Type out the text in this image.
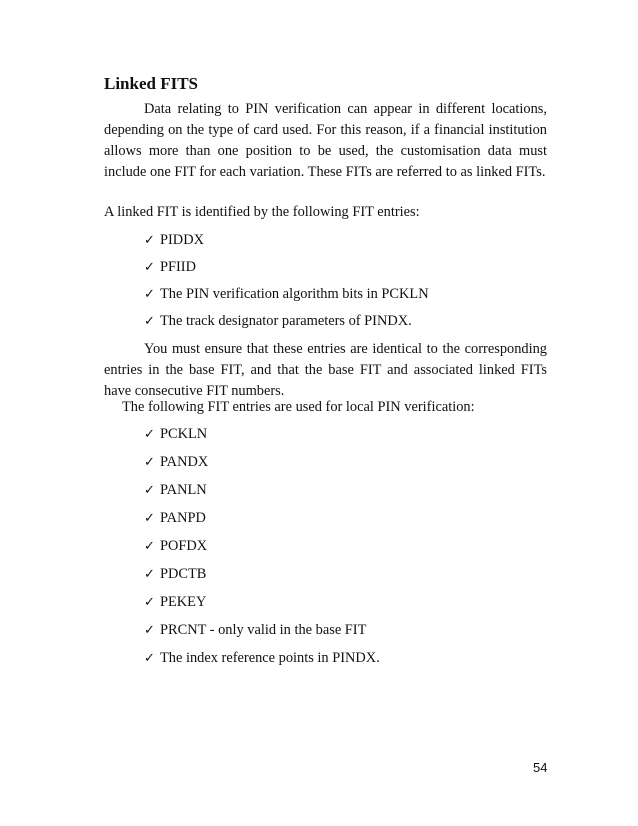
Linked FITS
Data relating to PIN verification can appear in different locations, depending on the type of card used. For this reason, if a financial institution allows more than one position to be used, the customisation data must include one FIT for each variation. These FITs are referred to as linked FITs.
A linked FIT is identified by the following FIT entries:
✓ PIDDX
✓ PFIID
✓ The PIN verification algorithm bits in PCKLN
✓ The track designator parameters of PINDX.
You must ensure that these entries are identical to the corresponding entries in the base FIT, and that the base FIT and associated linked FITs have consecutive FIT numbers.
The following FIT entries are used for local PIN verification:
✓ PCKLN
✓ PANDX
✓ PANLN
✓ PANPD
✓ POFDX
✓ PDCTB
✓ PEKEY
✓ PRCNT - only valid in the base FIT
✓ The index reference points in PINDX.
54
